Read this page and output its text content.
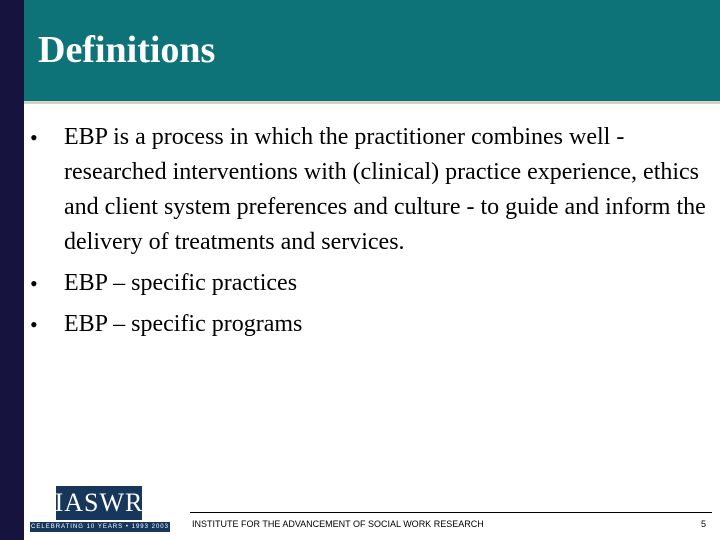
Definitions
•	EBP is a process in which the practitioner combines well -researched interventions with (clinical) practice experience, ethics and client system preferences and culture - to guide and inform the delivery of treatments and services.
•	EBP – specific practices
•	EBP – specific programs
IASWR
CELEBRATING 10 YEARS • 1993 2003	INSTITUTE FOR THE ADVANCEMENT OF SOCIAL WORK RESEARCH	5
